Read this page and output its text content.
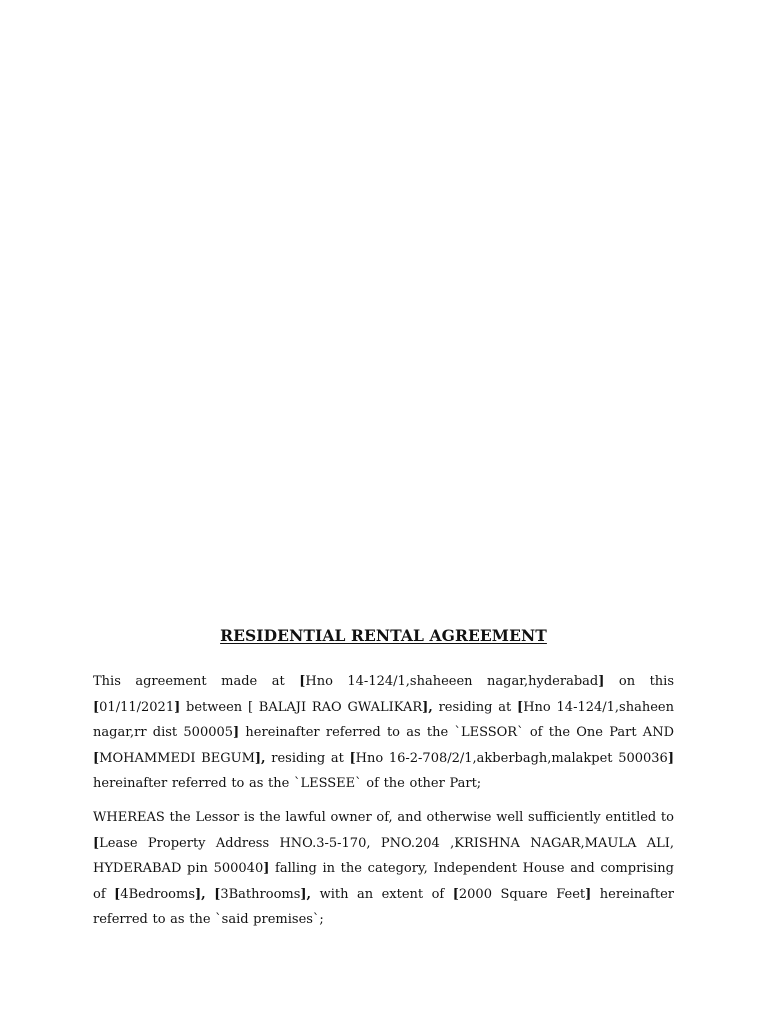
RESIDENTIAL RENTAL AGREEMENT

This agreement made at [Hno 14-124/1,shaheeen nagar,hyderabad] on this [01/11/2021] between [ BALAJI RAO GWALIKAR], residing at [Hno 14-124/1,shaheen nagar,rr dist 500005] hereinafter referred to as the `LESSOR` of the One Part AND [MOHAMMEDI BEGUM], residing at [Hno 16-2-708/2/1,akberbagh,malakpet 500036] hereinafter referred to as the `LESSEE` of the other Part;

WHEREAS the Lessor is the lawful owner of, and otherwise well sufficiently entitled to [Lease Property Address HNO.3-5-170, PNO.204 ,KRISHNA NAGAR,MAULA ALI, HYDERABAD pin 500040] falling in the category, Independent House and comprising of [4Bedrooms], [3Bathrooms], with an extent of [2000 Square Feet] hereinafter referred to as the `said premises`;
